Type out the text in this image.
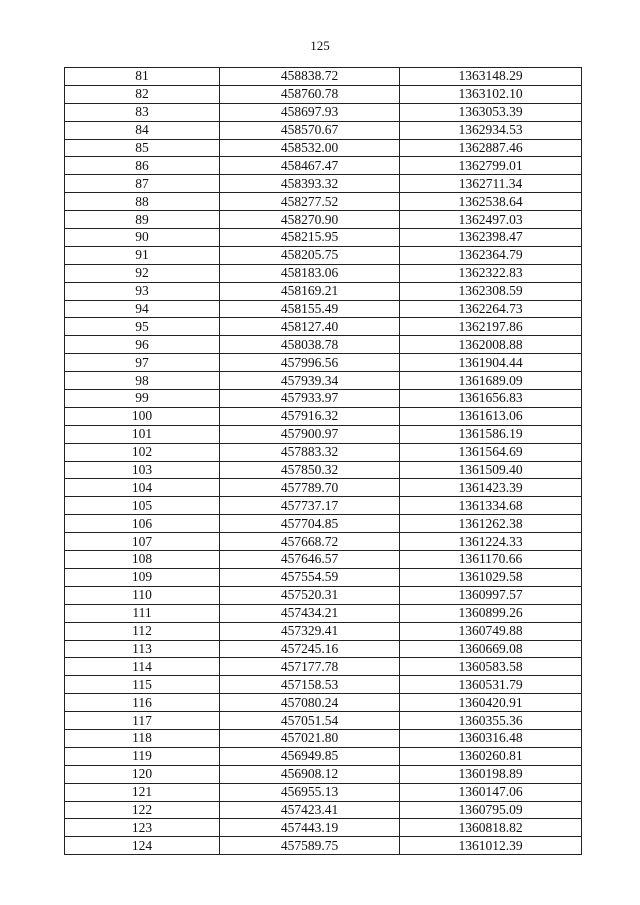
125
81	458838.72	1363148.29
82	458760.78	1363102.10
83	458697.93	1363053.39
84	458570.67	1362934.53
85	458532.00	1362887.46
86	458467.47	1362799.01
87	458393.32	1362711.34
88	458277.52	1362538.64
89	458270.90	1362497.03
90	458215.95	1362398.47
91	458205.75	1362364.79
92	458183.06	1362322.83
93	458169.21	1362308.59
94	458155.49	1362264.73
95	458127.40	1362197.86
96	458038.78	1362008.88
97	457996.56	1361904.44
98	457939.34	1361689.09
99	457933.97	1361656.83
100	457916.32	1361613.06
101	457900.97	1361586.19
102	457883.32	1361564.69
103	457850.32	1361509.40
104	457789.70	1361423.39
105	457737.17	1361334.68
106	457704.85	1361262.38
107	457668.72	1361224.33
108	457646.57	1361170.66
109	457554.59	1361029.58
110	457520.31	1360997.57
111	457434.21	1360899.26
112	457329.41	1360749.88
113	457245.16	1360669.08
114	457177.78	1360583.58
115	457158.53	1360531.79
116	457080.24	1360420.91
117	457051.54	1360355.36
118	457021.80	1360316.48
119	456949.85	1360260.81
120	456908.12	1360198.89
121	456955.13	1360147.06
122	457423.41	1360795.09
123	457443.19	1360818.82
124	457589.75	1361012.39
